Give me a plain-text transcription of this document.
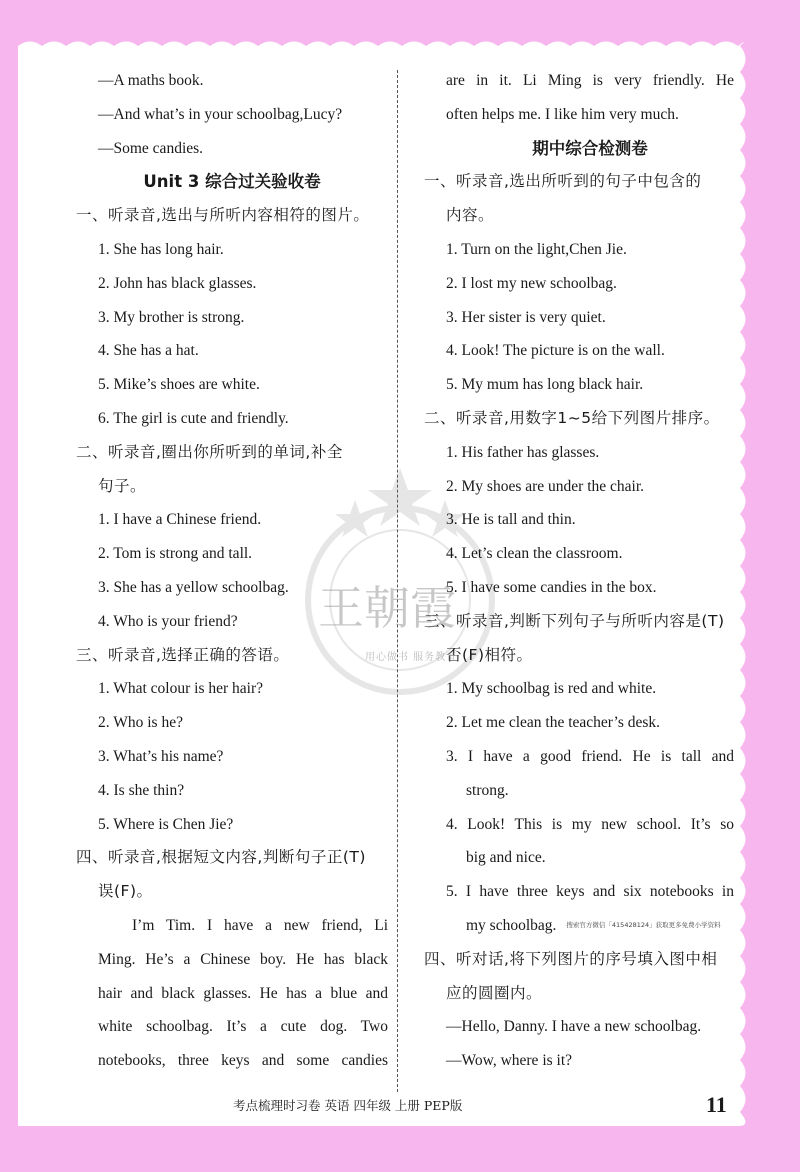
王朝霞
用心做书 服务教育
—A maths book.
—And what’s in your schoolbag,Lucy?
—Some candies.
Unit 3 综合过关验收卷
一、听录音,选出与所听内容相符的图片。
1. She has long hair.
2. John has black glasses.
3. My brother is strong.
4. She has a hat.
5. Mike’s shoes are white.
6. The girl is cute and friendly.
二、听录音,圈出你所听到的单词,补全
句子。
1. I have a Chinese friend.
2. Tom is strong and tall.
3. She has a yellow schoolbag.
4. Who is your friend?
三、听录音,选择正确的答语。
1. What colour is her hair?
2. Who is he?
3. What’s his name?
4. Is she thin?
5. Where is Chen Jie?
四、听录音,根据短文内容,判断句子正(T)
误(F)。
I’m Tim. I have a new friend, Li
Ming. He’s a Chinese boy. He has black
hair and black glasses. He has a blue and
white schoolbag. It’s a cute dog. Two
notebooks, three keys and some candies
are in it. Li Ming is very friendly. He
often helps me. I like him very much.
期中综合检测卷
一、听录音,选出所听到的句子中包含的
内容。
1. Turn on the light,Chen Jie.
2. I lost my new schoolbag.
3. Her sister is very quiet.
4. Look! The picture is on the wall.
5. My mum has long black hair.
二、听录音,用数字1~5给下列图片排序。
1. His father has glasses.
2. My shoes are under the chair.
3. He is tall and thin.
4. Let’s clean the classroom.
5. I have some candies in the box.
三、听录音,判断下列句子与所听内容是(T)
否(F)相符。
1. My schoolbag is red and white.
2. Let me clean the teacher’s desk.
3. I have a good friend. He is tall and
strong.
4. Look! This is my new school. It’s so
big and nice.
5. I have three keys and six notebooks in
my schoolbag. 搜索官方微信「415428124」获取更多免费小学资料
四、听对话,将下列图片的序号填入图中相
应的圆圈内。
—Hello, Danny. I have a new schoolbag.
—Wow, where is it?
考点梳理时习卷 英语 四年级 上册 PEP版	11
